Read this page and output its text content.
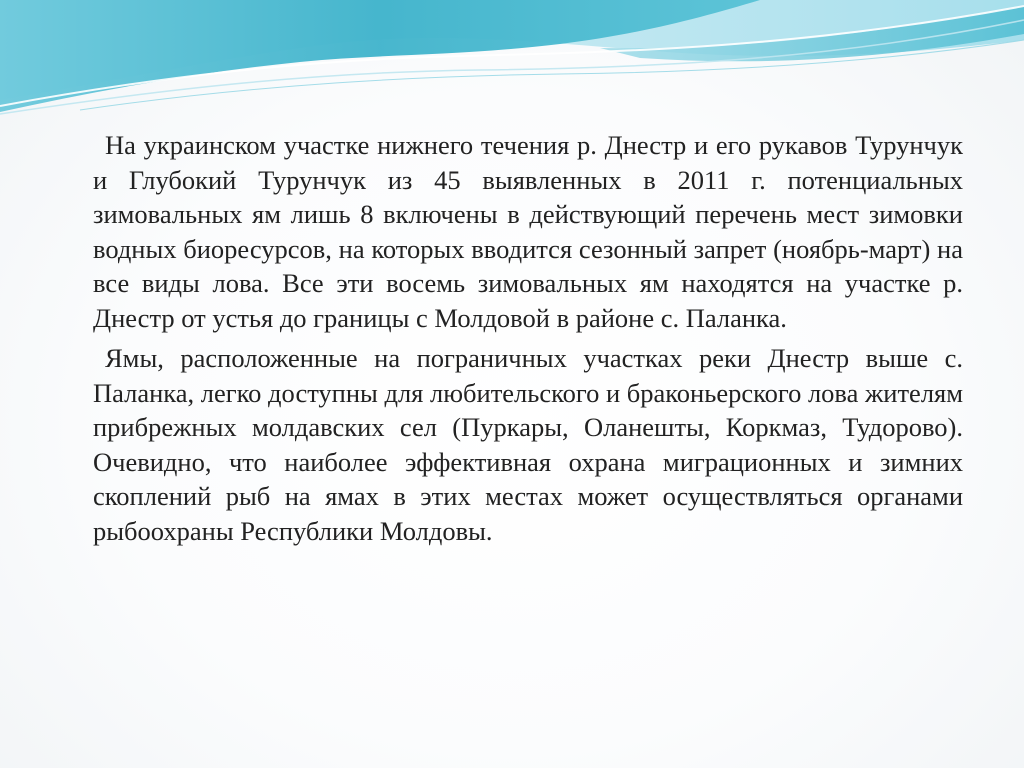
На украинском участке нижнего течения р. Днестр и его рукавов Турунчук и Глубокий Турунчук из 45 выявленных в 2011 г. потенциальных зимовальных ям лишь 8 включены в действующий перечень мест зимовки водных биоресурсов, на которых вводится сезонный запрет (ноябрь-март) на все виды лова. Все эти восемь зимовальных ям находятся на участке р. Днестр от устья до границы с Молдовой в районе с. Паланка.

Ямы, расположенные на пограничных участках реки Днестр выше с. Паланка, легко доступны для любительского и браконьерского лова жителям прибрежных молдавских сел (Пуркары, Оланешты, Коркмаз, Тудорово). Очевидно, что наиболее эффективная охрана миграционных и зимних скоплений рыб на ямах в этих местах может осуществляться органами рыбоохраны Республики Молдовы.
